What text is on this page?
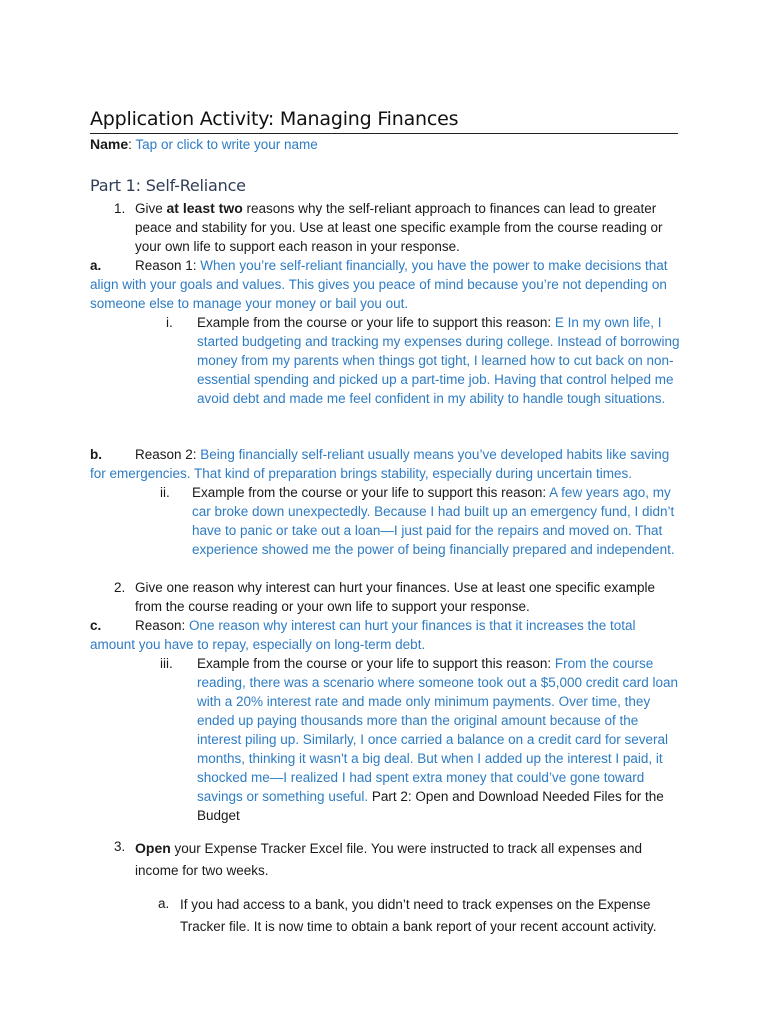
Application Activity: Managing Finances
Name: Tap or click to write your name
Part 1: Self-Reliance
1. Give at least two reasons why the self-reliant approach to finances can lead to greater peace and stability for you. Use at least one specific example from the course reading or your own life to support each reason in your response.
a. Reason 1: When you’re self-reliant financially, you have the power to make decisions that align with your goals and values. This gives you peace of mind because you’re not depending on someone else to manage your money or bail you out.
i. Example from the course or your life to support this reason: E In my own life, I started budgeting and tracking my expenses during college. Instead of borrowing money from my parents when things got tight, I learned how to cut back on non-essential spending and picked up a part-time job. Having that control helped me avoid debt and made me feel confident in my ability to handle tough situations.
b. Reason 2: Being financially self-reliant usually means you’ve developed habits like saving for emergencies. That kind of preparation brings stability, especially during uncertain times.
ii. Example from the course or your life to support this reason: A few years ago, my car broke down unexpectedly. Because I had built up an emergency fund, I didn’t have to panic or take out a loan—I just paid for the repairs and moved on. That experience showed me the power of being financially prepared and independent.
2. Give one reason why interest can hurt your finances. Use at least one specific example from the course reading or your own life to support your response.
c. Reason: One reason why interest can hurt your finances is that it increases the total amount you have to repay, especially on long-term debt.
iii. Example from the course or your life to support this reason: From the course reading, there was a scenario where someone took out a $5,000 credit card loan with a 20% interest rate and made only minimum payments. Over time, they ended up paying thousands more than the original amount because of the interest piling up. Similarly, I once carried a balance on a credit card for several months, thinking it wasn't a big deal. But when I added up the interest I paid, it shocked me—I realized I had spent extra money that could’ve gone toward savings or something useful. Part 2: Open and Download Needed Files for the Budget
3. Open your Expense Tracker Excel file. You were instructed to track all expenses and income for two weeks.
a. If you had access to a bank, you didn’t need to track expenses on the Expense Tracker file. It is now time to obtain a bank report of your recent account activity.
